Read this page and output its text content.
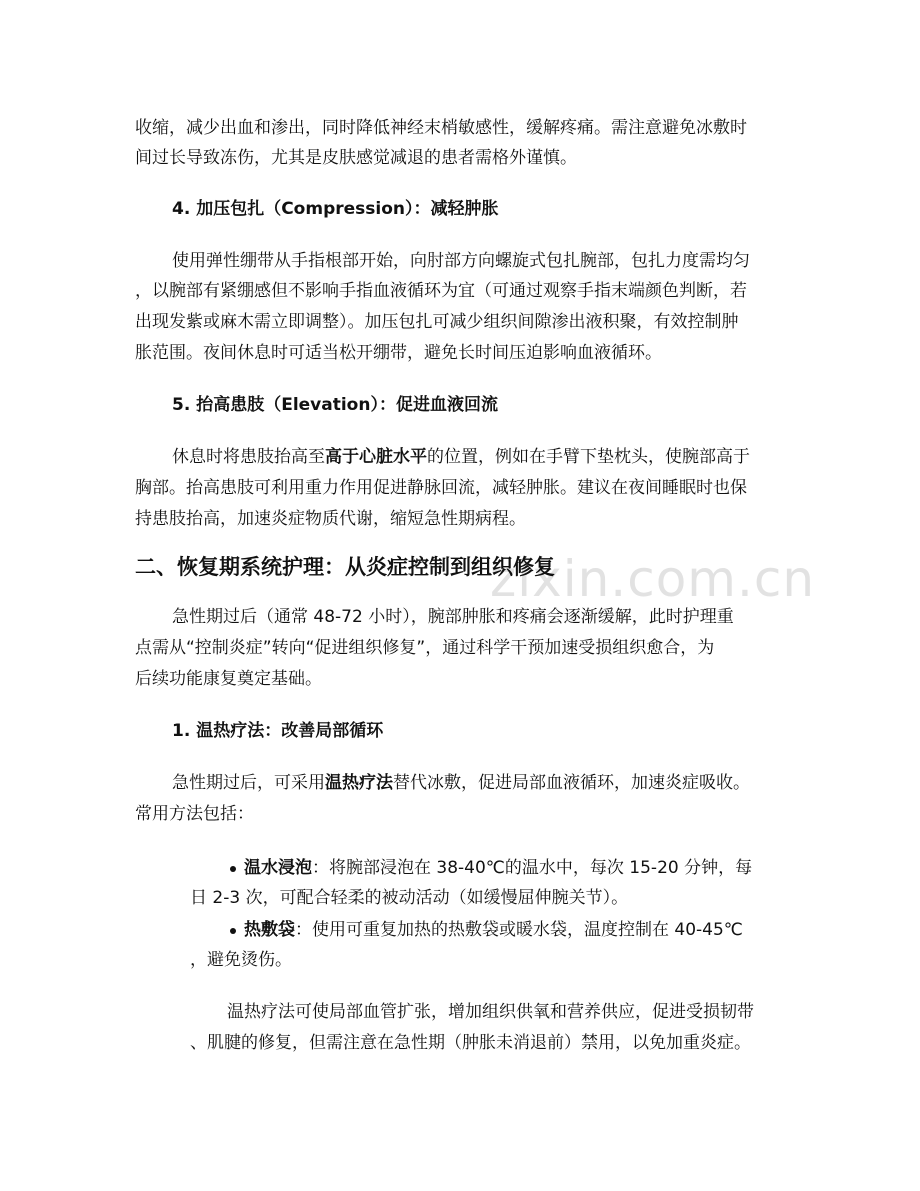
zixin.com.cn
收缩，减少出血和渗出，同时降低神经末梢敏感性，缓解疼痛。需注意避免冰敷时
间过长导致冻伤，尤其是皮肤感觉减退的患者需格外谨慎。
4. 加压包扎（Compression）：减轻肿胀
使用弹性绷带从手指根部开始，向肘部方向螺旋式包扎腕部，包扎力度需均匀
，以腕部有紧绷感但不影响手指血液循环为宜（可通过观察手指末端颜色判断，若
出现发紫或麻木需立即调整）。加压包扎可减少组织间隙渗出液积聚，有效控制肿
胀范围。夜间休息时可适当松开绷带，避免长时间压迫影响血液循环。
5. 抬高患肢（Elevation）：促进血液回流
休息时将患肢抬高至高于心脏水平的位置，例如在手臂下垫枕头，使腕部高于
胸部。抬高患肢可利用重力作用促进静脉回流，减轻肿胀。建议在夜间睡眠时也保
持患肢抬高，加速炎症物质代谢，缩短急性期病程。
二、恢复期系统护理：从炎症控制到组织修复
急性期过后（通常 48-72 小时），腕部肿胀和疼痛会逐渐缓解，此时护理重
点需从“控制炎症”转向“促进组织修复”，通过科学干预加速受损组织愈合，为
后续功能康复奠定基础。
1. 温热疗法：改善局部循环
急性期过后，可采用温热疗法替代冰敷，促进局部血液循环，加速炎症吸收。
常用方法包括：
温水浸泡：将腕部浸泡在 38-40℃的温水中，每次 15-20 分钟，每
日 2-3 次，可配合轻柔的被动活动（如缓慢屈伸腕关节）。
热敷袋：使用可重复加热的热敷袋或暖水袋，温度控制在 40-45℃
，避免烫伤。
温热疗法可使局部血管扩张，增加组织供氧和营养供应，促进受损韧带
、肌腱的修复，但需注意在急性期（肿胀未消退前）禁用，以免加重炎症。
